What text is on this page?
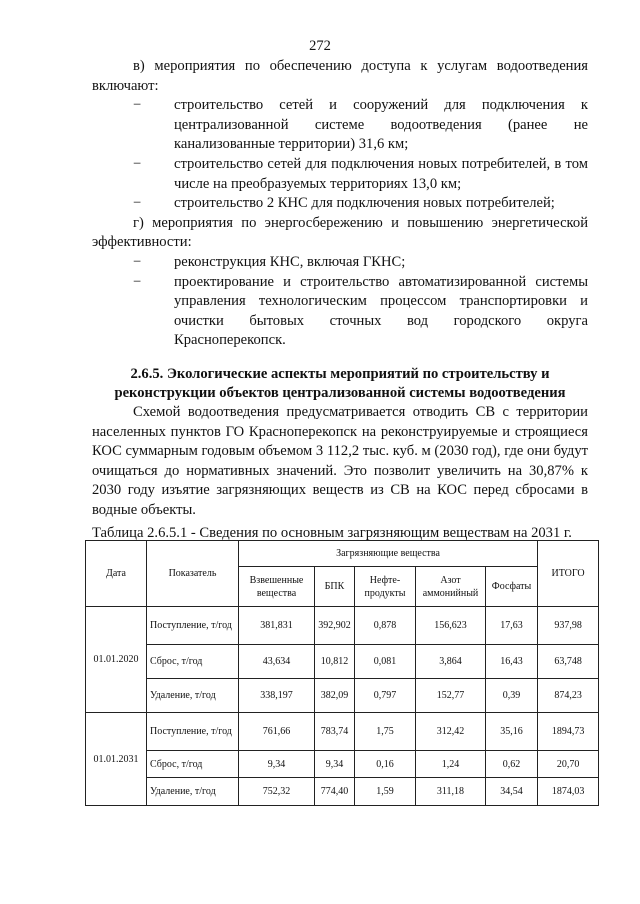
272

в) мероприятия по обеспечению доступа к услугам водоотведения включают:

−	строительство сетей и сооружений для подключения к централизованной системе водоотведения (ранее не канализованные территории) 31,6 км;
−	строительство сетей для подключения новых потребителей, в том числе на преобразуемых территориях 13,0 км;
−	строительство 2 КНС для подключения новых потребителей;

г) мероприятия по энергосбережению и повышению энергетической эффективности:

−	реконструкция КНС, включая ГКНС;
−	проектирование и строительство автоматизированной системы управления технологическим процессом транспортировки и очистки бытовых сточных вод городского округа Красноперекопск.

2.6.5. Экологические аспекты мероприятий по строительству и
реконструкции объектов централизованной системы водоотведения

Схемой водоотведения предусматривается отводить СВ с территории населенных пунктов ГО Красноперекопск на реконструируемые и строящиеся КОС суммарным годовым объемом 3 112,2 тыс. куб. м (2030 год), где они будут очищаться до нормативных значений. Это позволит увеличить на 30,87% к 2030 году изъятие загрязняющих веществ из СВ на КОС перед сбросами в водные объекты.

Таблица 2.6.5.1 - Сведения по основным загрязняющим веществам на 2031 г.

Дата	Показатель	Загрязняющие вещества					ИТОГО
		Взвешенные вещества	БПК	Нефте-продукты	Азот аммонийный	Фосфаты	
01.01.2020	Поступление, т/год	381,831	392,902	0,878	156,623	17,63	937,98
	Сброс, т/год	43,634	10,812	0,081	3,864	16,43	63,748
	Удаление, т/год	338,197	382,09	0,797	152,77	0,39	874,23
01.01.2031	Поступление, т/год	761,66	783,74	1,75	312,42	35,16	1894,73
	Сброс, т/год	9,34	9,34	0,16	1,24	0,62	20,70
	Удаление, т/год	752,32	774,40	1,59	311,18	34,54	1874,03
